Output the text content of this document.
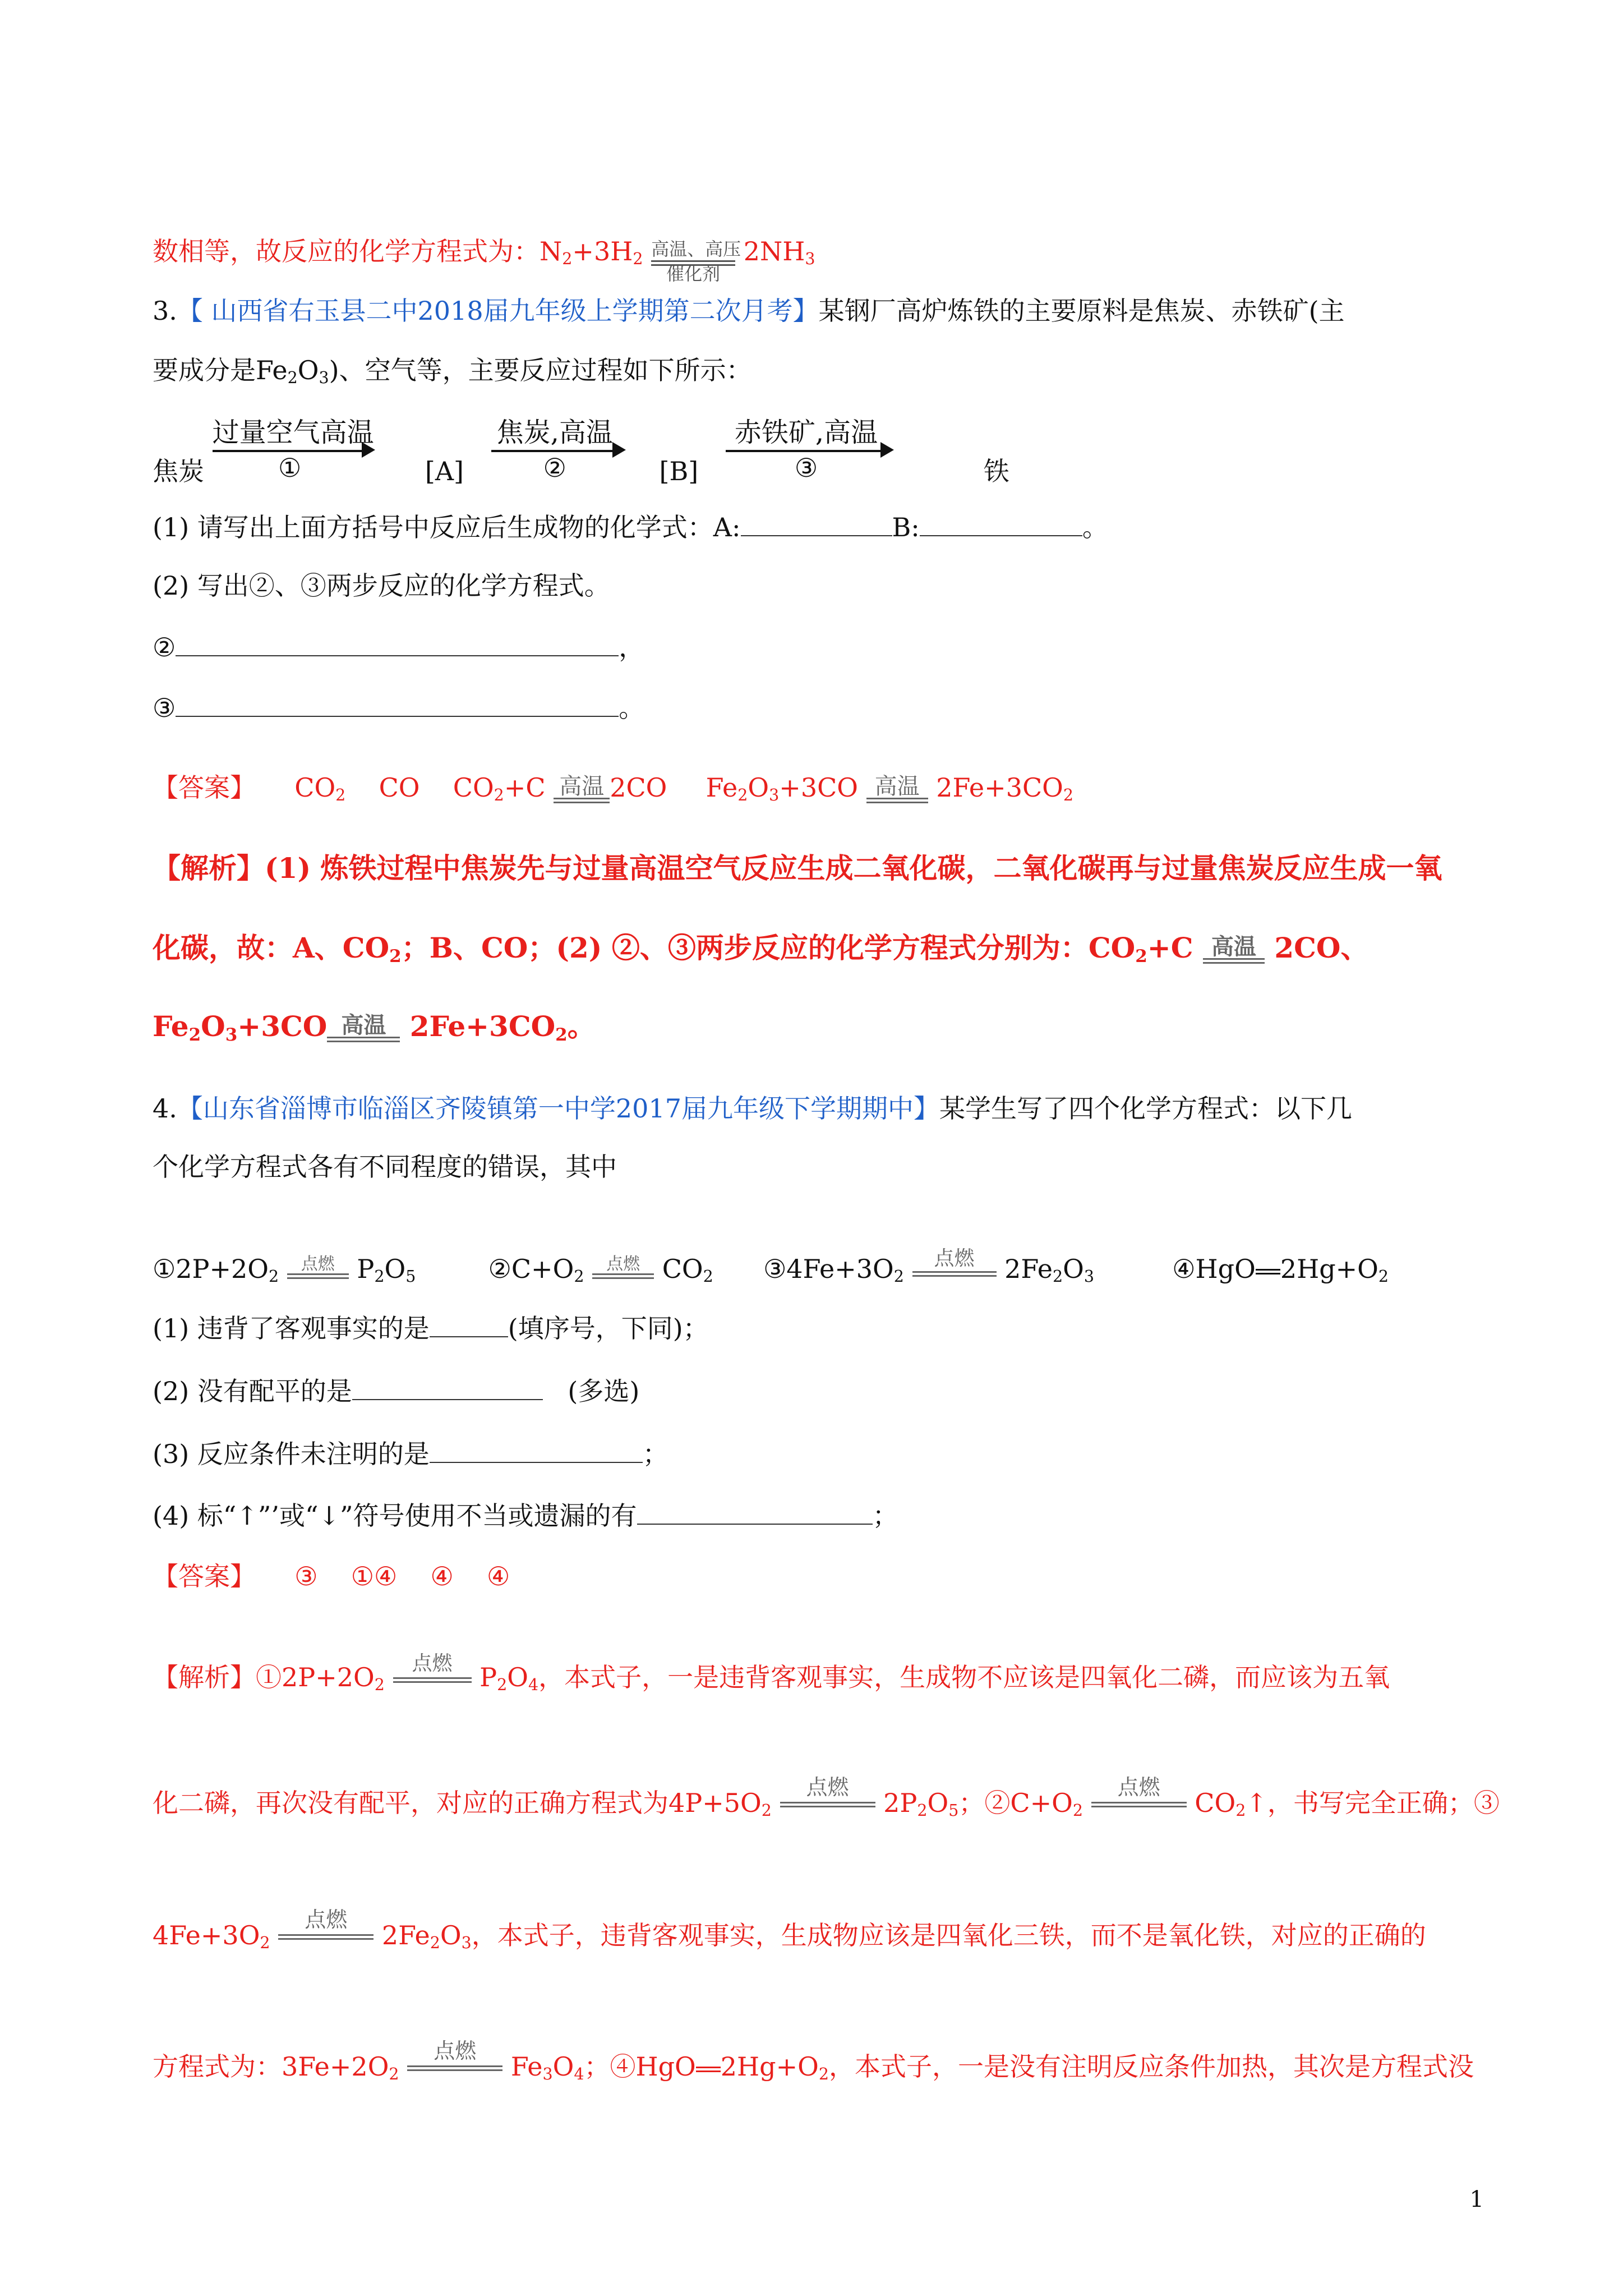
数相等，故反应的化学方程式为：$N_2+3H_2$ 高温、高压
催化剂
$2NH_3$
3.【 山西省右玉县二中2018届九年级上学期第二次月考】某钢厂高炉炼铁的主要原料是焦炭、赤铁矿(主
要成分是$Fe_2O_3$)、空气等，主要反应过程如下所示：
焦炭
过量空气高温
①	[A]
焦炭,高温
②	[B]
赤铁矿,高温
③	铁
(1) 请写出上面方括号中反应后生成物的化学式：A:	B:	。
(2) 写出②、③两步反应的化学方程式。
②	，
③	。
【答案】 $CO_2$ CO $CO_2+C$ 高温 2CO $Fe_2O_3+3CO$ 高温 $2Fe+3CO_2$
【解析】(1) 炼铁过程中焦炭先与过量高温空气反应生成二氧化碳，二氧化碳再与过量焦炭反应生成一氧
化碳，故：A、$CO_2$；B、CO；(2) ②、③两步反应的化学方程式分别为：$CO_2+C$ 高温 2CO、
$Fe_2O_3+3CO$ 高温 $2Fe+3CO_2$。
4.【山东省淄博市临淄区齐陵镇第一中学2017届九年级下学期期中】某学生写了四个化学方程式：以下几
个化学方程式各有不同程度的错误，其中
$①2P+2O_2$
点燃 $P_2O_5$	$②C+O_2$
点燃 $CO_2$ $③4Fe+3O_2$
点燃	$2Fe_2O_3$	④HgO $2Hg+O_2$
(1) 违背了客观事实的是	(填序号，下同)；
(2) 没有配平的是	(多选)
(3) 反应条件未注明的是	；
(4) 标“↑”’或“↓”符号使用不当或遗漏的有	；
【答案】 ③ ①④ ④ ④
【解析】$①2P+2O_2$
点燃	$P_2O_4$，本式子，一是违背客观事实，生成物不应该是四氧化二磷，而应该为五氧
化二磷，再次没有配平，对应的正确方程式为$4P+5O_2$
点燃
$2P_2O_5$；$②C+O_2$
点燃
$CO_2↑$，书写完全正确；③
$4Fe+3O_2$
点燃
$2Fe_2O_3$，本式子，违背客观事实，生成物应该是四氧化三铁，而不是氧化铁，对应的正确的
方程式为：$3Fe+2O_2$
点燃
$Fe_3O_4$；④HgO $2Hg+O_2$，本式子，一是没有注明反应条件加热，其次是方程式没
1
